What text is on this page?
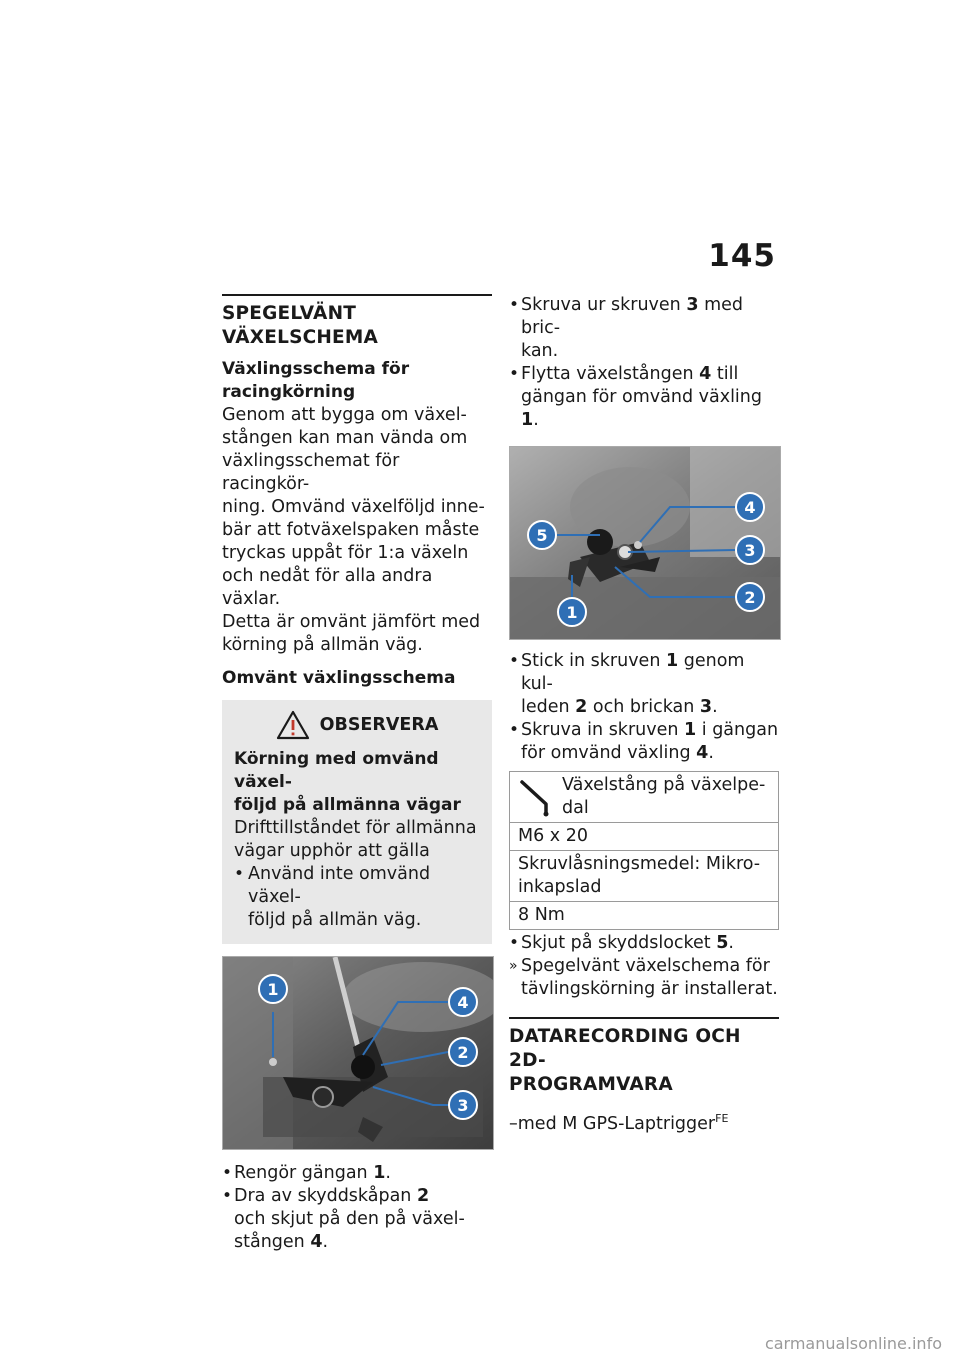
145
SPEGELVÄNT VÄXELSCHEMA
Växlingsschema för racingkörning

Genom att bygga om växel-

stången kan man vända om

växlingsschemat för racingkör-

ning. Omvänd växelföljd inne-

bär att fotväxelspaken måste

tryckas uppåt för 1:a växeln

och nedåt för alla andra växlar.

Detta är omvänt jämfört med

körning på allmän väg.

Omvänt växlingsschema
OBSERVERA
Körning med omvänd växel-
följd på allmänna vägar

Drifttillståndet för allmänna
vägar upphör att gälla

• Använd inte omvänd växel-
följd på allmän väg.
1
4
2
3
• Rengör gängan 1.
• Dra av skyddskåpan 2
och skjut på den på växel-
stången 4.
• Skruva ur skruven 3 med bric-
kan.
• Flytta växelstången 4 till
gängan för omvänd växling 1.
4
5
3
2
1
• Stick in skruven 1 genom kul-
leden 2 och brickan 3.
• Skruva in skruven 1 i gängan
för omvänd växling 4.
Växelstång på växelpe-
dal

M6 x 20
Skruvlåsningsmedel: Mikro-
inkapslad
8 Nm
• Skjut på skyddslocket 5.
» Spegelvänt växelschema för
tävlingskörning är installerat.
DATARECORDING OCH 2D-
PROGRAMVARA

–med M GPS-Laptrigger$^{FE}$

carmanualsonline.info
